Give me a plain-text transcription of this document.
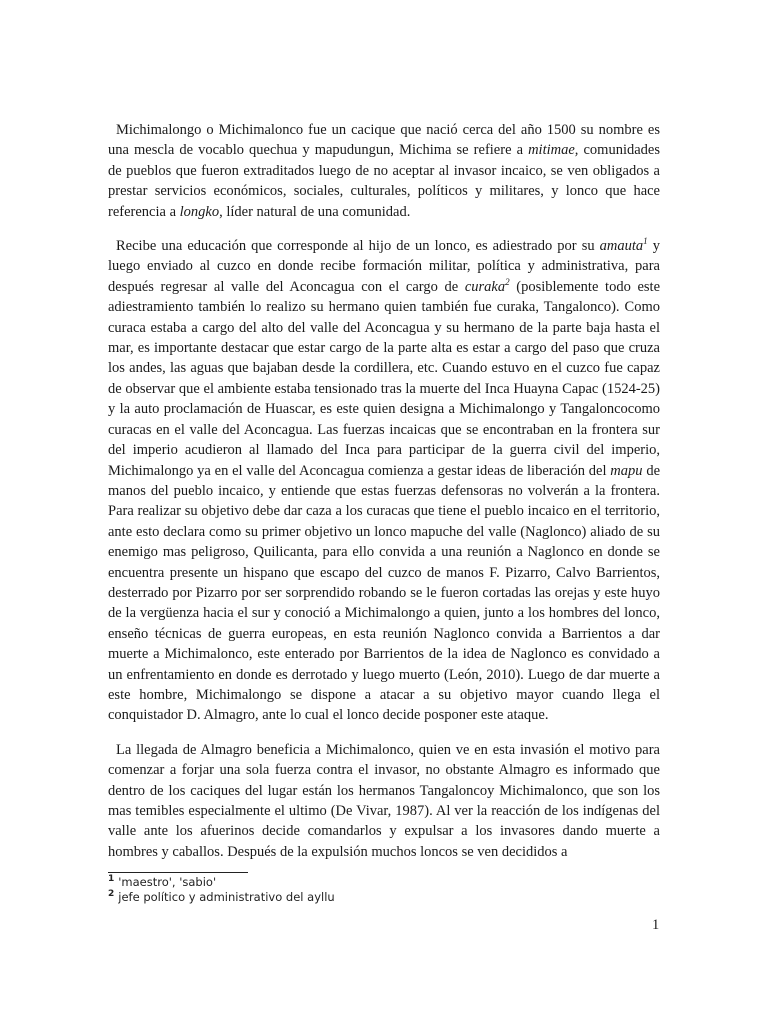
Michimalongo o Michimalonco fue un cacique que nació cerca del año 1500 su nombre es una mescla de vocablo quechua y mapudungun, Michima se refiere a mitimae, comunidades de pueblos que fueron extraditados luego de no aceptar al invasor incaico, se ven obligados a prestar servicios económicos, sociales, culturales, políticos y militares, y lonco que hace referencia a longko, líder natural de una comunidad.

Recibe una educación que corresponde al hijo de un lonco, es adiestrado por su amauta$^1$ y luego enviado al cuzco en donde recibe formación militar, política y administrativa, para después regresar al valle del Aconcagua con el cargo de curaka$^2$ (posiblemente todo este adiestramiento también lo realizo su hermano quien también fue curaka, Tangalonco). Como curaca estaba a cargo del alto del valle del Aconcagua y su hermano de la parte baja hasta el mar, es importante destacar que estar cargo de la parte alta es estar a cargo del paso que cruza los andes, las aguas que bajaban desde la cordillera, etc. Cuando estuvo en el cuzco fue capaz de observar que el ambiente estaba tensionado tras la muerte del Inca Huayna Capac (1524-25) y la auto proclamación de Huascar, es este quien designa a Michimalongo y Tangaloncocomo curacas en el valle del Aconcagua. Las fuerzas incaicas que se encontraban en la frontera sur del imperio acudieron al llamado del Inca para participar de la guerra civil del imperio, Michimalongo ya en el valle del Aconcagua comienza a gestar ideas de liberación del mapu de manos del pueblo incaico, y entiende que estas fuerzas defensoras no volverán a la frontera. Para realizar su objetivo debe dar caza a los curacas que tiene el pueblo incaico en el territorio, ante esto declara como su primer objetivo un lonco mapuche del valle (Naglonco) aliado de su enemigo mas peligroso, Quilicanta, para ello convida a una reunión a Naglonco en donde se encuentra presente un hispano que escapo del cuzco de manos F. Pizarro, Calvo Barrientos, desterrado por Pizarro por ser sorprendido robando se le fueron cortadas las orejas y este huyo de la vergüenza hacia el sur y conoció a Michimalongo a quien, junto a los hombres del lonco, enseño técnicas de guerra europeas, en esta reunión Naglonco convida a Barrientos a dar muerte a Michimalonco, este enterado por Barrientos de la idea de Naglonco es convidado a un enfrentamiento en donde es derrotado y luego muerto (León, 2010). Luego de dar muerte a este hombre, Michimalongo se dispone a atacar a su objetivo mayor cuando llega el conquistador D. Almagro, ante lo cual el lonco decide posponer este ataque.

La llegada de Almagro beneficia a Michimalonco, quien ve en esta invasión el motivo para comenzar a forjar una sola fuerza contra el invasor, no obstante Almagro es informado que dentro de los caciques del lugar están los hermanos Tangaloncoy Michimalonco, que son los mas temibles especialmente el ultimo (De Vivar, 1987). Al ver la reacción de los indígenas del valle ante los afuerinos decide comandarlos y expulsar a los invasores dando muerte a hombres y caballos. Después de la expulsión muchos loncos se ven decididos a

$^1$ 'maestro', 'sabio'
$^2$ jefe político y administrativo del ayllu
1
